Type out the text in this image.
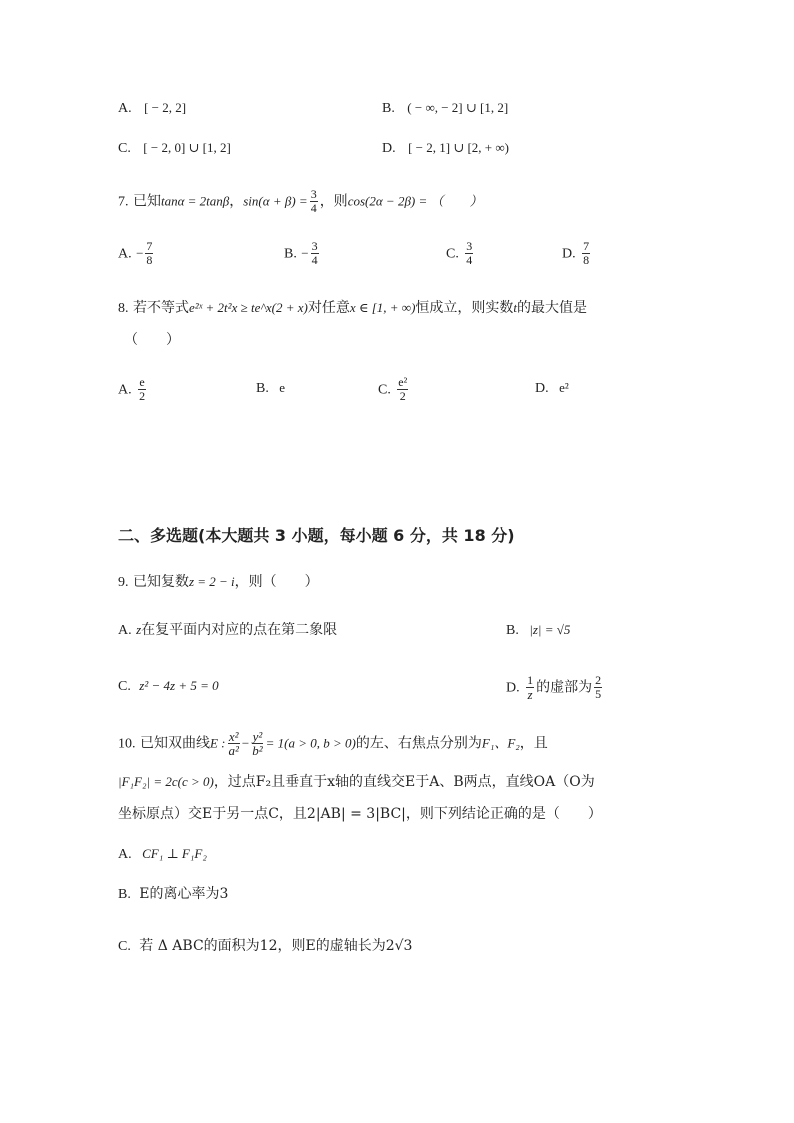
A. [ − 2, 2]	B. ( − ∞, − 2] ∪ [1, 2]
C. [ − 2, 0] ∪ [1, 2]	D. [ − 2, 1] ∪ [2, + ∞)
7. 已知tanα = 2tanβ，$\sin(\alpha + \beta) = \frac{3}{4}$ ，则cos(2α − 2β) = （　　）
A. − $\frac{7}{8}$	B. − $\frac{3}{4}$	C. $\frac{3}{4}$	D. $\frac{7}{8}$
8. 若不等式e²ˣ + 2t²x ≥ te^x(2 + x)对任意x ∈ [1, + ∞)恒成立，则实数t的最大值是
（　　）
A. $\frac{e}{2}$	B. e	C. $\frac{\text{e²}}{2}$	D. e²
二、多选题(本大题共 3 小题，每小题 6 分，共 18 分)
9. 已知复数z = 2 − i，则（　　）
A. z在复平面内对应的点在第二象限	B. |z| = √5
C. z² − 4z + 5 = 0	D. $\frac{1}{z}$ 的虚部为 $\frac{2}{5}$
10. 已知双曲线E : $\frac{\text{x²}}{\text{a²}} - \frac{\text{y²}}{\text{b²}} = 1(a > 0$, b > 0)的左、右焦点分别为F₁、F₂，且
|F₁F₂| = 2c(c > 0)，过点F₂且垂直于x轴的直线交E于A、B两点，直线OA（O为
坐标原点）交E于另一点C，且2|AB| = 3|BC|，则下列结论正确的是（　　）
A. CF₁ ⊥ F₁F₂
B. E的离心率为3
C. 若 Δ ABC的面积为12，则E的虚轴长为2√3
